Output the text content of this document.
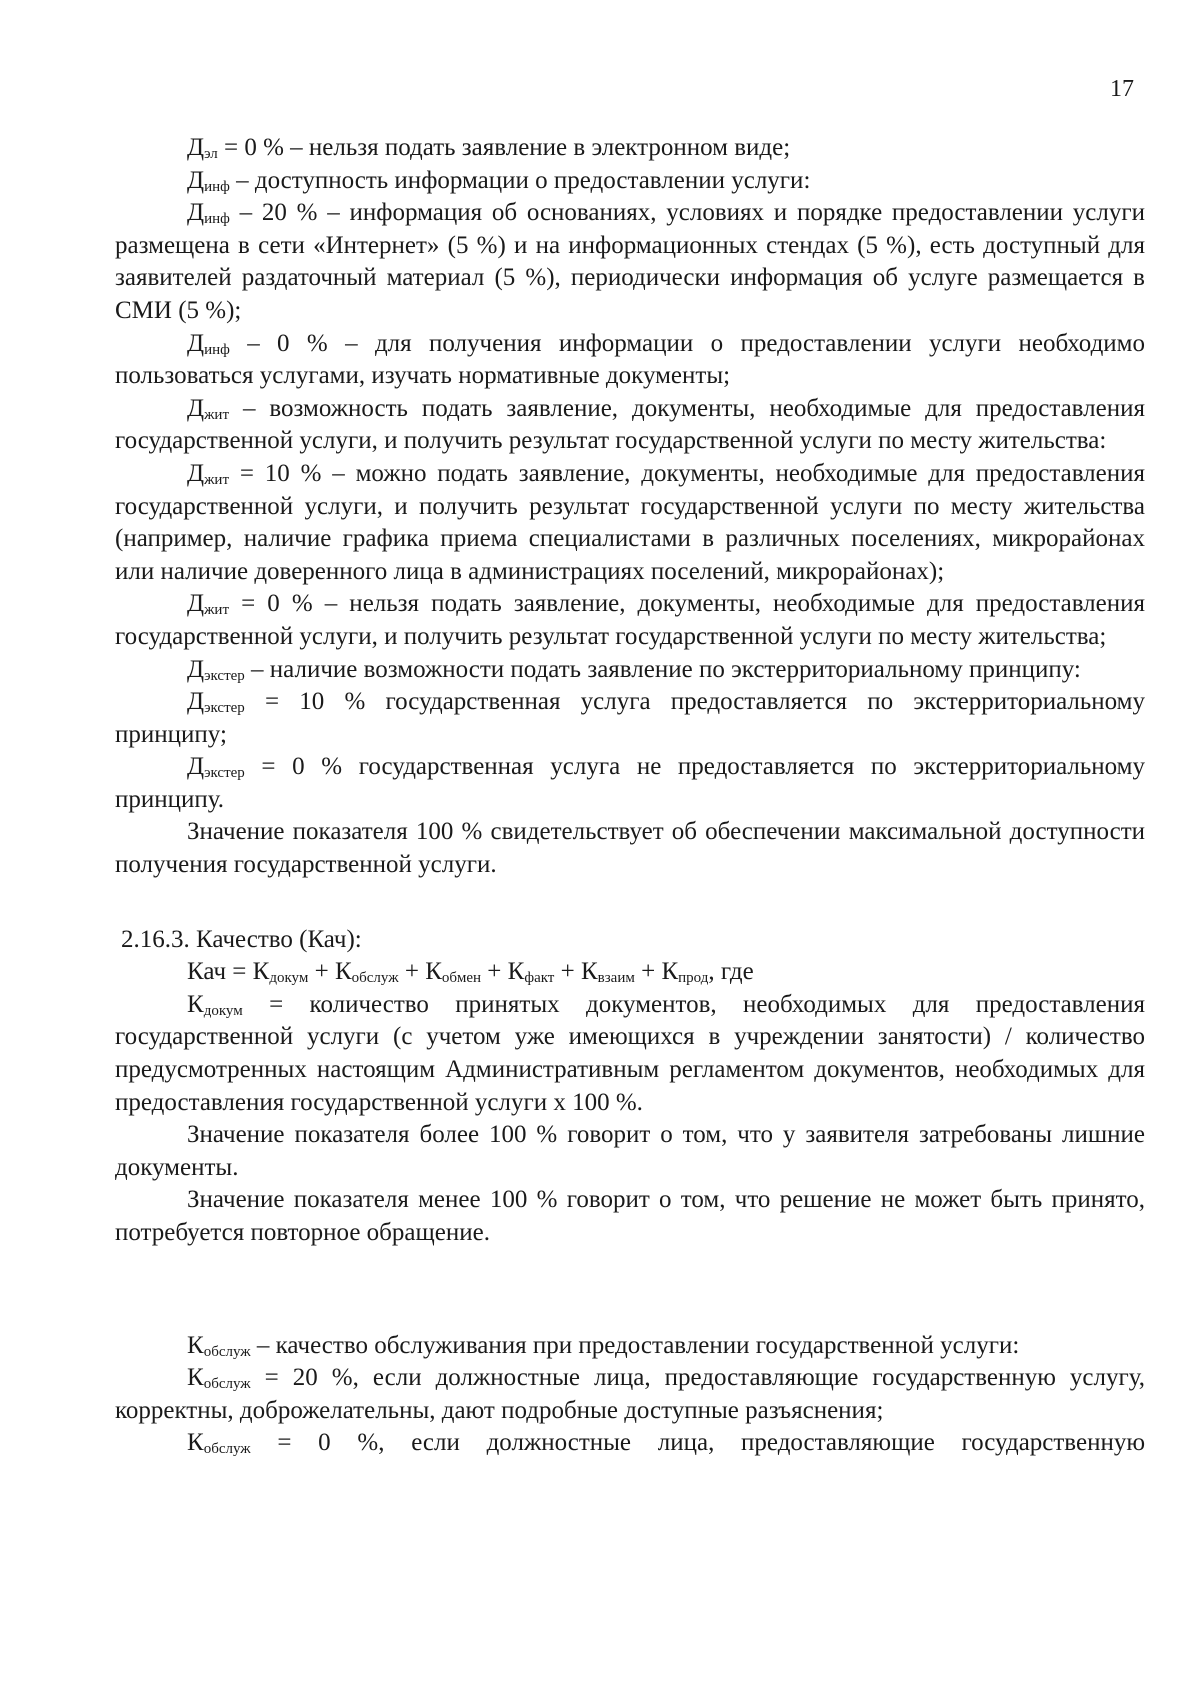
17

$Д_{эл} = 0$ % – нельзя подать заявление в электронном виде;

$Д_{инф}$ – доступность информации о предоставлении услуги:

$Д_{инф} - 20$ % – информация об основаниях, условиях и порядке предоставлении услуги размещена в сети «Интернет» (5 %) и на информационных стендах (5 %), есть доступный для заявителей раздаточный материал (5 %), периодически информация об услуге размещается в СМИ (5 %);

$Д_{инф} - 0$ % – для получения информации о предоставлении услуги необходимо пользоваться услугами, изучать нормативные документы;

$Д_{жит}$ – возможность подать заявление, документы, необходимые для предоставления государственной услуги, и получить результат государственной услуги по месту жительства:

$Д_{жит} = 10$ % – можно подать заявление, документы, необходимые для предоставления государственной услуги, и получить результат государственной услуги по месту жительства (например, наличие графика приема специалистами в различных поселениях, микрорайонах или наличие доверенного лица в администрациях поселений, микрорайонах);

$Д_{жит} = 0$ % – нельзя подать заявление, документы, необходимые для предоставления государственной услуги, и получить результат государственной услуги по месту жительства;

$Д_{экстер}$ – наличие возможности подать заявление по экстерриториальному принципу:

$Д_{экстер} = 10$ % государственная услуга предоставляется по экстерриториальному принципу;

$Д_{экстер} = 0$ % государственная услуга не предоставляется по экстерриториальному принципу.

Значение показателя 100 % свидетельствует об обеспечении максимальной доступности получения государственной услуги.

2.16.3. Качество (Кач):

Кач = $К_{докум} + К_{обслуж} + К_{обмен} + К_{факт} + К_{взаим} + К_{прод}$, где

$К_{докум}$ = количество принятых документов, необходимых для предоставления государственной услуги (с учетом уже имеющихся в учреждении занятости) / количество предусмотренных настоящим Административным регламентом документов, необходимых для предоставления государственной услуги х 100 %.

Значение показателя более 100 % говорит о том, что у заявителя затребованы лишние документы.

Значение показателя менее 100 % говорит о том, что решение не может быть принято, потребуется повторное обращение.

$К_{обслуж}$ – качество обслуживания при предоставлении государственной услуги:

$К_{обслуж} = 20$ %, если должностные лица, предоставляющие государственную услугу, корректны, доброжелательны, дают подробные доступные разъяснения;

$К_{обслуж} = 0$ %, если должностные лица, предоставляющие государственную
